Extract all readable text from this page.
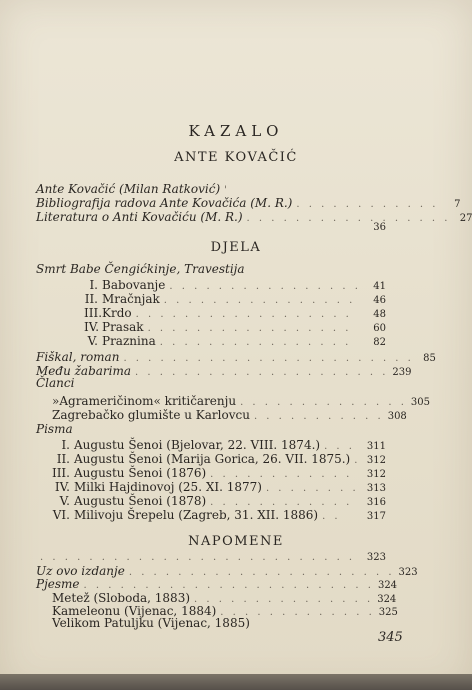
KAZALO
ANTE KOVAČIĆ
Ante Kovačić (Milan Ratković) '
Bibliografija radova Ante Kovačića (M. R.) . . . . . . . . . . . .	7
Literatura o Anti Kovačiću (M. R.) . . . . . . . . . . . . . . . . . 27
36
DJELA
Smrt Babe Čengićkinje, Travestija
I. Babovanje . . . . . . . . . . . . . . . .	41
II. Mračnjak . . . . . . . . . . . . . . . .	46
III.Krdo . . . . . . . . . . . . . . . . . .	48
IV. Prasak . . . . . . . . . . . . . . . . .	60
V. Praznina . . . . . . . . . . . . . . . .	82
Fiškal, roman . . . . . . . . . . . . . . . . . . . . . . . . 85
Među žabarima . . . . . . . . . . . . . . . . . . . . . 239
Članci
»Agrameričinom« kritičarenju . . . . . . . . . . . . . . 305
Zagrebačko glumište u Karlovcu . . . . . . . . . . . 308
Pisma
I. Augustu Šenoi (Bjelovar, 22. VIII. 1874.) . . .	311
II. Augustu Šenoi (Marija Gorica, 26. VII. 1875.) . 312
III. Augustu Šenoi (1876) . . . . . . . . . . . .	312
IV. Milki Hajdinovoj (25. XI. 1877) . . . . . . . . 313
V. Augustu Šenoi (1878) . . . . . . . . . . . .	316
VI. Milivoju Šrepelu (Zagreb, 31. XII. 1886) . .	317
NAPOMENE
. . . . . . . . . . . . . . . . . . . . . . . . . .	323
Uz ovo izdanje . . . . . . . . . . . . . . . . . . . . . . 323
Pjesme . . . . . . . . . . . . . . . . . . . . . . . . 324
Metež (Sloboda, 1883) . . . . . . . . . . . . . . . 324
Kameleonu (Vijenac, 1884) . . . . . . . . . . . . . 325
Velikom Patuljku (Vijenac, 1885)
345
